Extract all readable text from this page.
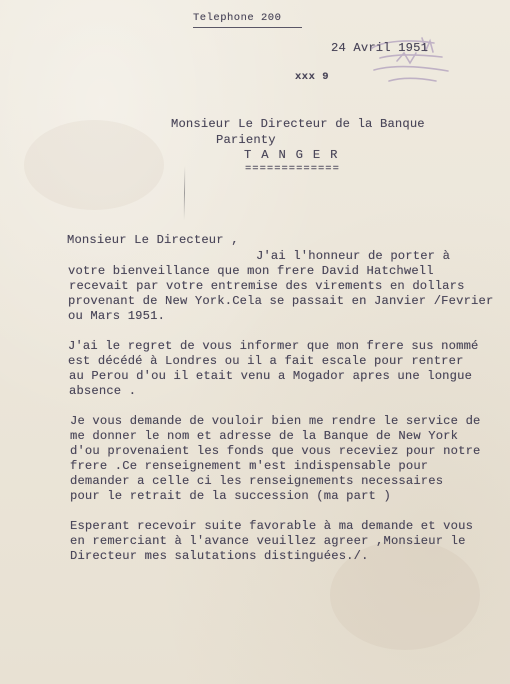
Telephone 200
24 Avril 1951
xxx 9
Monsieur Le Directeur de la Banque
Parienty
T A N G E R
=============
Monsieur Le Directeur ,
J'ai l'honneur de porter à
votre bienveillance que mon frere David Hatchwell
recevait par votre entremise des virements en dollars
provenant de New York.Cela se passait en Janvier /Fevrier
ou Mars 1951.
J'ai le regret de vous informer que mon frere sus nommé
est décédé à Londres ou il a fait escale pour rentrer
au Perou d'ou il etait venu a Mogador apres une longue
absence .
Je vous demande de vouloir bien me rendre le service de
me donner le nom et adresse de la Banque de New York
d'ou provenaient les fonds que vous receviez pour notre
frere .Ce renseignement m'est indispensable pour
demander a celle ci les renseignements necessaires
pour le retrait de la succession (ma part )
Esperant recevoir suite favorable à ma demande et vous
en remerciant à l'avance veuillez agreer ,Monsieur le
Directeur mes salutations distinguées./.
